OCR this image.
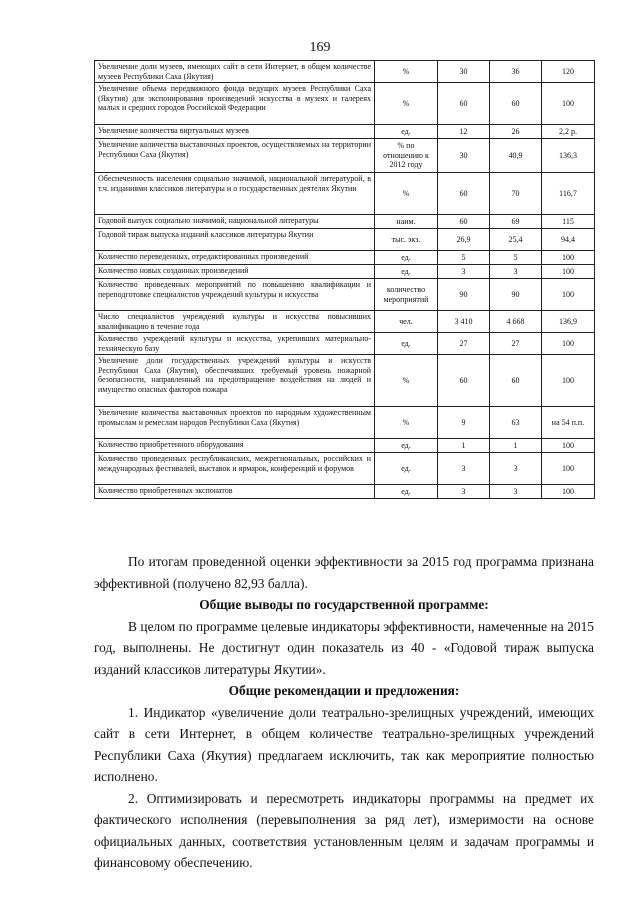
169
Увеличение доли музеев, имеющих сайт в сети Интернет, в общем количестве музеев Республики Саха (Якутия)	%	30	36	120
Увеличение объема передвижного фонда ведущих музеев Республики Саха (Якутия) для экспонирования произведений искусства в музеях и галереях малых и средних городов Российской Федерации	%	60	60	100
Увеличение количества виртуальных музеев	ед.	12	26	2,2 р.
Увеличение количества выставочных проектов, осуществляемых на территории Республики Саха (Якутия)	% по отношению к 2012 году	30	40,9	136,3
Обеспеченность населения социально значимой, национальной литературой, в т.ч. изданиями классиков литературы и о государственных деятелях Якутии	%	60	70	116,7
Годовой выпуск социально значимой, национальной литературы	наим.	60	69	115
Годовой тираж выпуска изданий классиков литературы Якутии	тыс. экз.	26,9	25,4	94,4
Количество переведенных, отредактированных произведений	ед.	5	5	100
Количество новых созданных произведений	ед.	3	3	100
Количество проведенных мероприятий по повышению квалификации и переподготовке специалистов учреждений культуры и искусства	количество мероприятий	90	90	100
Число специалистов учреждений культуры и искусства повысивших квалификацию в течение года	чел.	3 410	4 668	136,9
Количество учреждений культуры и искусства, укрепивших материально-техническую базу	ед.	27	27	100
Увеличение доли государственных учреждений культуры и искусств Республики Саха (Якутия), обеспечивших требуемый уровень пожарной безопасности, направленный на предотвращение воздействия на людей и имущество опасных факторов пожара	%	60	60	100
Увеличение количества выставочных проектов по народным художественным промыслам и ремеслам народов Республики Саха (Якутия)	%	9	63	на 54 п.п.
Количество приобретенного оборудования	ед.	1	1	100
Количество проведенных республиканских, межрегиональных, российских и международных фестивалей, выставок и ярмарок, конференций и форумов	ед.	3	3	100
Количество приобретенных экспонатов	ед.	3	3	100

По итогам проведенной оценки эффективности за 2015 год программа признана эффективной (получено 82,93 балла).

Общие выводы по государственной программе:

В целом по программе целевые индикаторы эффективности, намеченные на 2015 год, выполнены. Не достигнут один показатель из 40 - «Годовой тираж выпуска изданий классиков литературы Якутии».

Общие рекомендации и предложения:

1. Индикатор «увеличение доли театрально-зрелищных учреждений, имеющих сайт в сети Интернет, в общем количестве театрально-зрелищных учреждений Республики Саха (Якутия) предлагаем исключить, так как мероприятие полностью исполнено.

2. Оптимизировать и пересмотреть индикаторы программы на предмет их фактического исполнения (перевыполнения за ряд лет), измеримости на основе официальных данных, соответствия установленным целям и задачам программы и финансовому обеспечению.
